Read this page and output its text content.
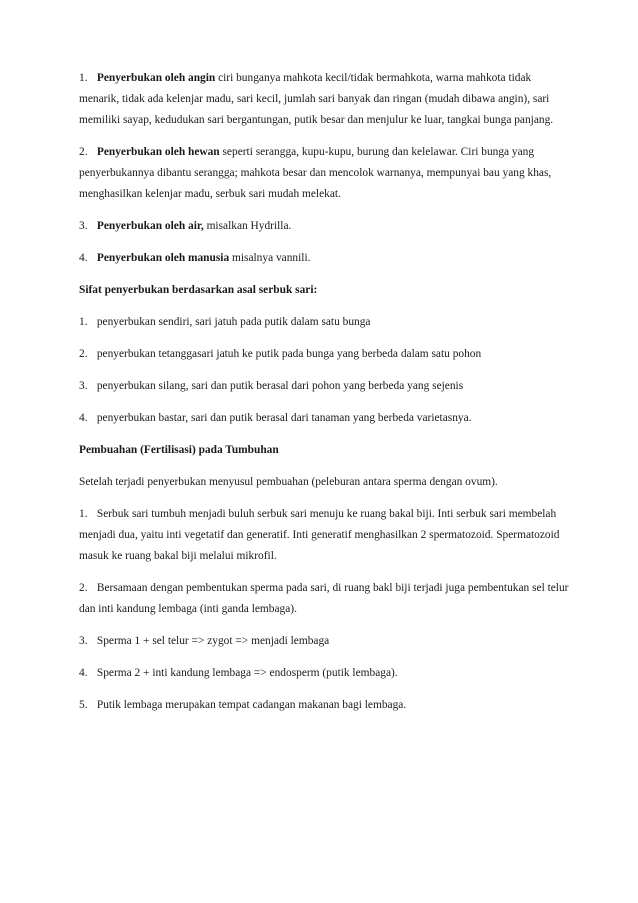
1. Penyerbukan oleh angin ciri bunganya mahkota kecil/tidak bermahkota, warna mahkota tidak menarik, tidak ada kelenjar madu, sari kecil, jumlah sari banyak dan ringan (mudah dibawa angin), sari memiliki sayap, kedudukan sari bergantungan, putik besar dan menjulur ke luar, tangkai bunga panjang.

2. Penyerbukan oleh hewan seperti serangga, kupu-kupu, burung dan kelelawar. Ciri bunga yang penyerbukannya dibantu serangga; mahkota besar dan mencolok warnanya, mempunyai bau yang khas, menghasilkan kelenjar madu, serbuk sari mudah melekat.

3. Penyerbukan oleh air, misalkan Hydrilla.

4. Penyerbukan oleh manusia misalnya vannili.

Sifat penyerbukan berdasarkan asal serbuk sari:

1. penyerbukan sendiri, sari jatuh pada putik dalam satu bunga

2. penyerbukan tetanggasari jatuh ke putik pada bunga yang berbeda dalam satu pohon

3. penyerbukan silang, sari dan putik berasal dari pohon yang berbeda yang sejenis

4. penyerbukan bastar, sari dan putik berasal dari tanaman yang berbeda varietasnya.

Pembuahan (Fertilisasi) pada Tumbuhan

Setelah terjadi penyerbukan menyusul pembuahan (peleburan antara sperma dengan ovum).

1. Serbuk sari tumbuh menjadi buluh serbuk sari menuju ke ruang bakal biji. Inti serbuk sari membelah menjadi dua, yaitu inti vegetatif dan generatif. Inti generatif menghasilkan 2 spermatozoid. Spermatozoid masuk ke ruang bakal biji melalui mikrofil.

2. Bersamaan dengan pembentukan sperma pada sari, di ruang bakl biji terjadi juga pembentukan sel telur dan inti kandung lembaga (inti ganda lembaga).

3. Sperma 1 + sel telur => zygot => menjadi lembaga

4. Sperma 2 + inti kandung lembaga => endosperm (putik lembaga).

5. Putik lembaga merupakan tempat cadangan makanan bagi lembaga.
